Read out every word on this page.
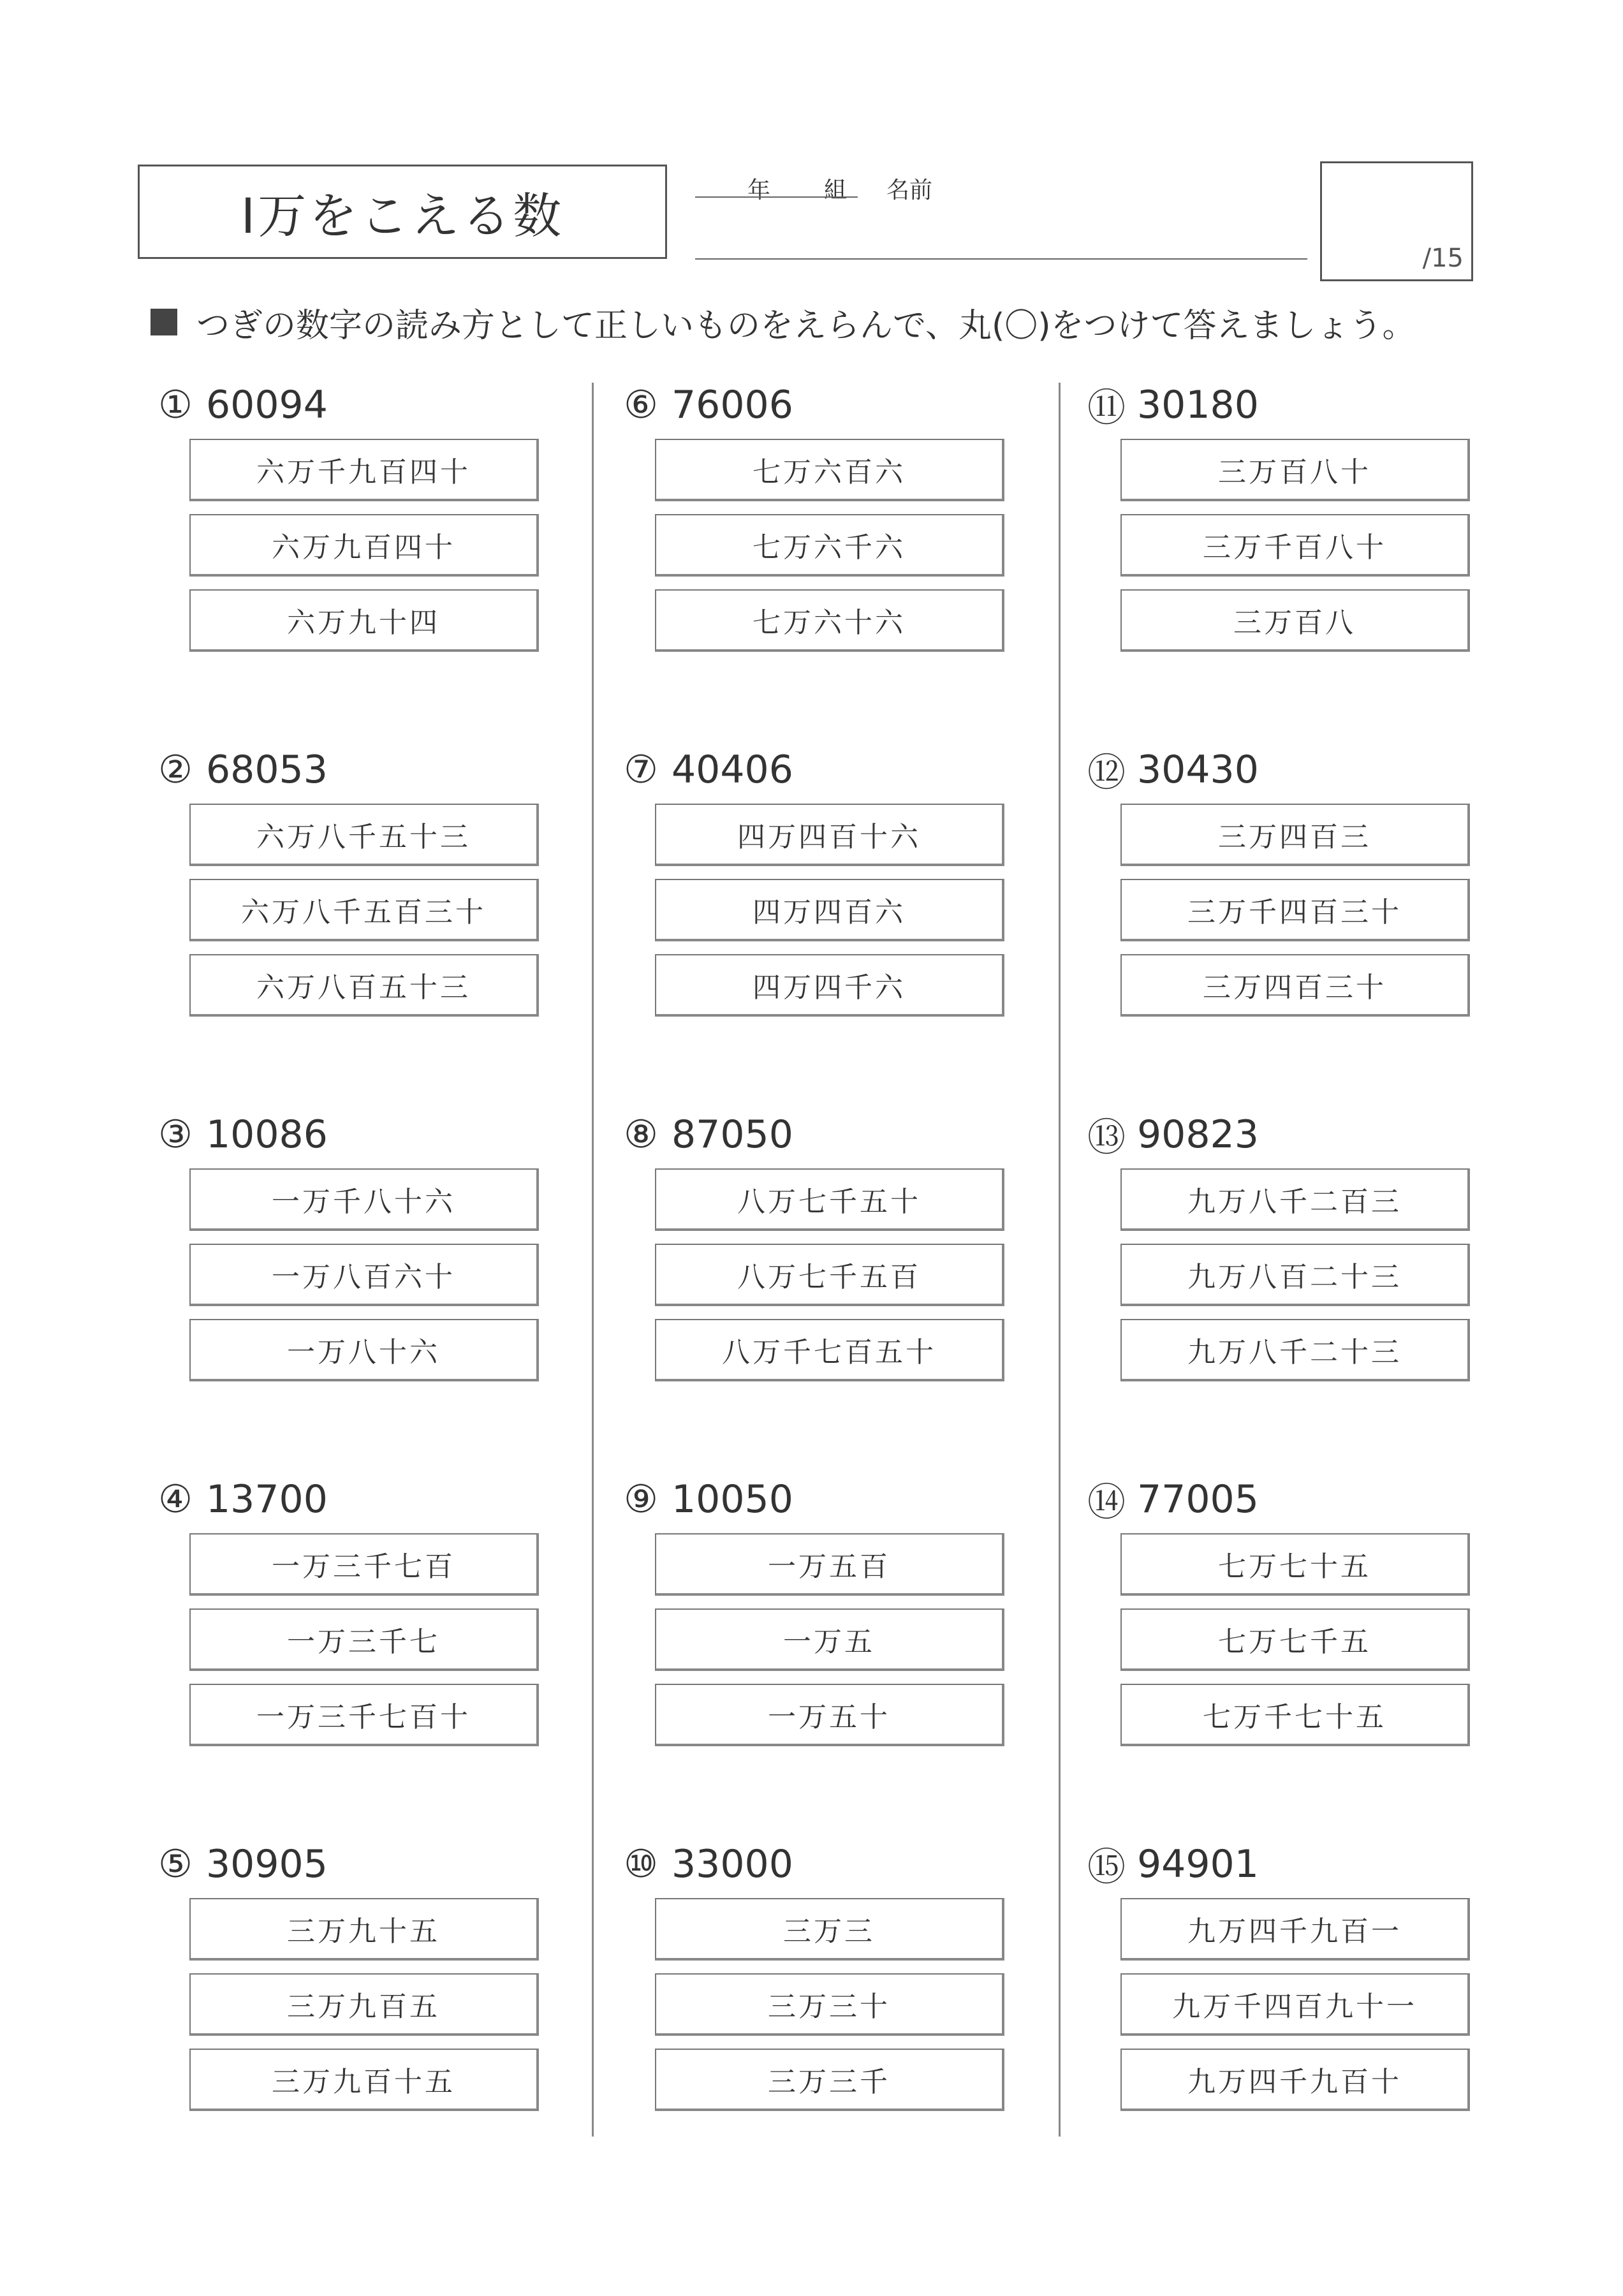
Ⅰ万をこえる数	年 組 名前
/15
つぎの数字の読み方として正しいものをえらんで、丸(〇)をつけて答えましょう。
① 60094
六万千九百四十
六万九百四十
六万九十四
② 68053
六万八千五十三
六万八千五百三十
六万八百五十三
③ 10086
一万千八十六
一万八百六十
一万八十六
④ 13700
一万三千七百
一万三千七
一万三千七百十
⑤ 30905
三万九十五
三万九百五
三万九百十五
⑥ 76006
七万六百六
七万六千六
七万六十六
⑦ 40406
四万四百十六
四万四百六
四万四千六
⑧ 87050
八万七千五十
八万七千五百
八万千七百五十
⑨ 10050
一万五百
一万五
一万五十
⑩ 33000
三万三
三万三十
三万三千
⑪ 30180
三万百八十
三万千百八十
三万百八
⑫ 30430
三万四百三
三万千四百三十
三万四百三十
⑬ 90823
九万八千二百三
九万八百二十三
九万八千二十三
⑭ 77005
七万七十五
七万七千五
七万千七十五
⑮ 94901
九万四千九百一
九万千四百九十一
九万四千九百十
